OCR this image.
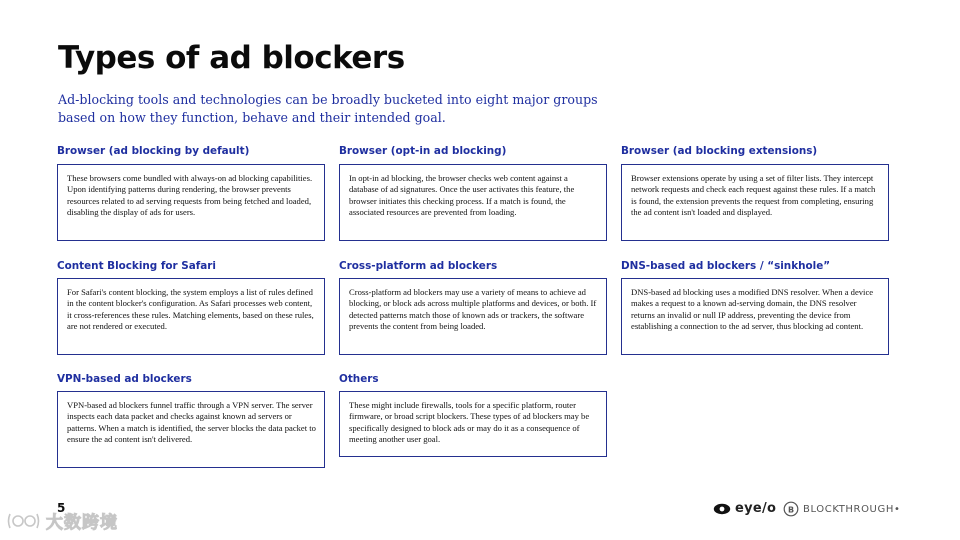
Types of ad blockers

Ad-blocking tools and technologies can be broadly bucketed into eight major groups based on how they function, behave and their intended goal.

Browser (ad blocking by default)
These browsers come bundled with always-on ad blocking capabilities. Upon identifying patterns during rendering, the browser prevents resources related to ad serving requests from being fetched and loaded, disabling the display of ads for users.
Browser (opt-in ad blocking)
In opt-in ad blocking, the browser checks web content against a database of ad signatures. Once the user activates this feature, the browser initiates this checking process. If a match is found, the associated resources are prevented from loading.
Browser (ad blocking extensions)
Browser extensions operate by using a set of filter lists. They intercept network requests and check each request against these rules. If a match is found, the extension prevents the request from completing, ensuring the ad content isn't loaded and displayed.
Content Blocking for Safari
For Safari's content blocking, the system employs a list of rules defined in the content blocker's configuration. As Safari processes web content, it cross-references these rules. Matching elements, based on these rules, are not rendered or executed.
Cross-platform ad blockers
Cross-platform ad blockers may use a variety of means to achieve ad blocking, or block ads across multiple platforms and devices, or both. If detected patterns match those of known ads or trackers, the software prevents the content from being loaded.
DNS-based ad blockers / “sinkhole”
DNS-based ad blocking uses a modified DNS resolver. When a device makes a request to a known ad-serving domain, the DNS resolver returns an invalid or null IP address, preventing the device from establishing a connection to the ad server, thus blocking ad content.
VPN-based ad blockers
VPN-based ad blockers funnel traffic through a VPN server. The server inspects each data packet and checks against known ad servers or patterns. When a match is identified, the server blocks the data packet to ensure the ad content isn't delivered.
Others
These might include firewalls, tools for a specific platform, router firmware, or broad script blockers. These types of ad blockers may be specifically designed to block ads or may do it as a consequence of meeting another user goal.
5
大数跨境
eye/o B BLOCKTHROUGH•
